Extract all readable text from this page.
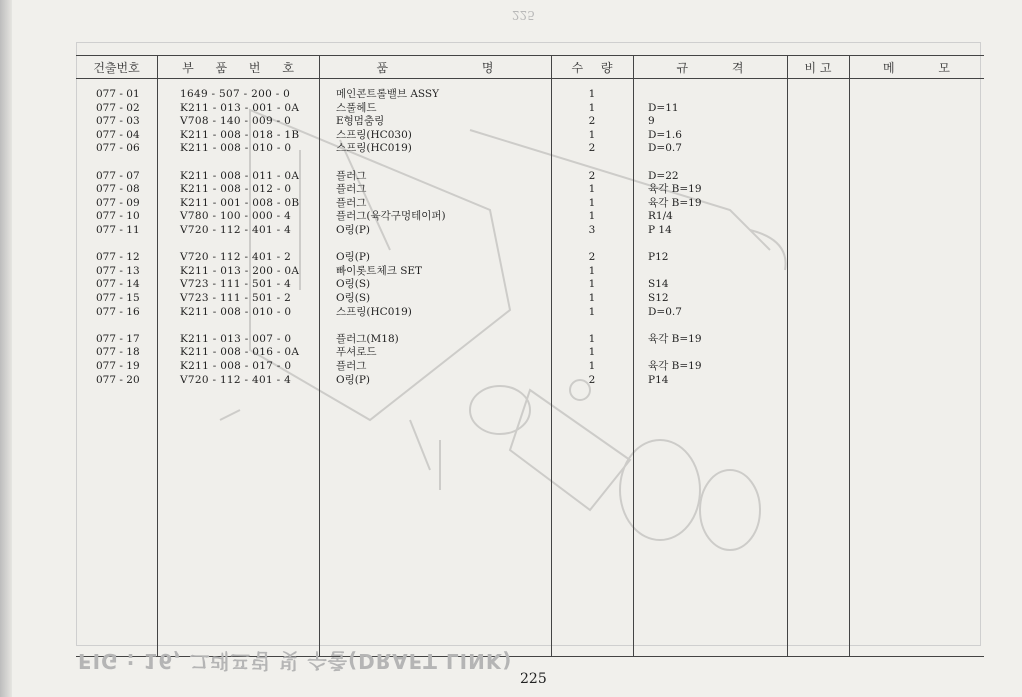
225
건출번호	부 품 번 호	품 명	수 량	규 격	비 고	메 모
077 - 01	1649 - 507 - 200 - 0	메인콘트롤밸브 ASSY	1
077 - 02	K211 - 013 - 001 - 0A	스풀헤드	1	D=11
077 - 03	V708 - 140 - 009 - 0	E형멈춤링	2	9
077 - 04	K211 - 008 - 018 - 1B	스프링(HC030)	1	D=1.6
077 - 06	K211 - 008 - 010 - 0	스프링(HC019)	2	D=0.7
077 - 07	K211 - 008 - 011 - 0A	플러그	2	D=22
077 - 08	K211 - 008 - 012 - 0	플러그	1	육각 B=19
077 - 09	K211 - 001 - 008 - 0B	플러그	1	육각 B=19
077 - 10	V780 - 100 - 000 - 4	플러그(육각구멍테이퍼)	1	R1/4
077 - 11	V720 - 112 - 401 - 4	O링(P)	3	P 14
077 - 12	V720 - 112 - 401 - 2	O링(P)	2	P12
077 - 13	K211 - 013 - 200 - 0A	빠이롯트체크 SET	1
077 - 14	V723 - 111 - 501 - 4	O링(S)	1	S14
077 - 15	V723 - 111 - 501 - 2	O링(S)	1	S12
077 - 16	K211 - 008 - 010 - 0	스프링(HC019)	1	D=0.7
077 - 17	K211 - 013 - 007 - 0	플러그(M18)	1	육각 B=19
077 - 18	K211 - 008 - 016 - 0A	푸셔로드	1
077 - 19	K211 - 008 - 017 - 0	플러그	1	육각 B=19
077 - 20	V720 - 112 - 401 - 4	O링(P)	2	P14
FIG : 16, 그래프럼 빛 수출(DRAFT LINK)
225
